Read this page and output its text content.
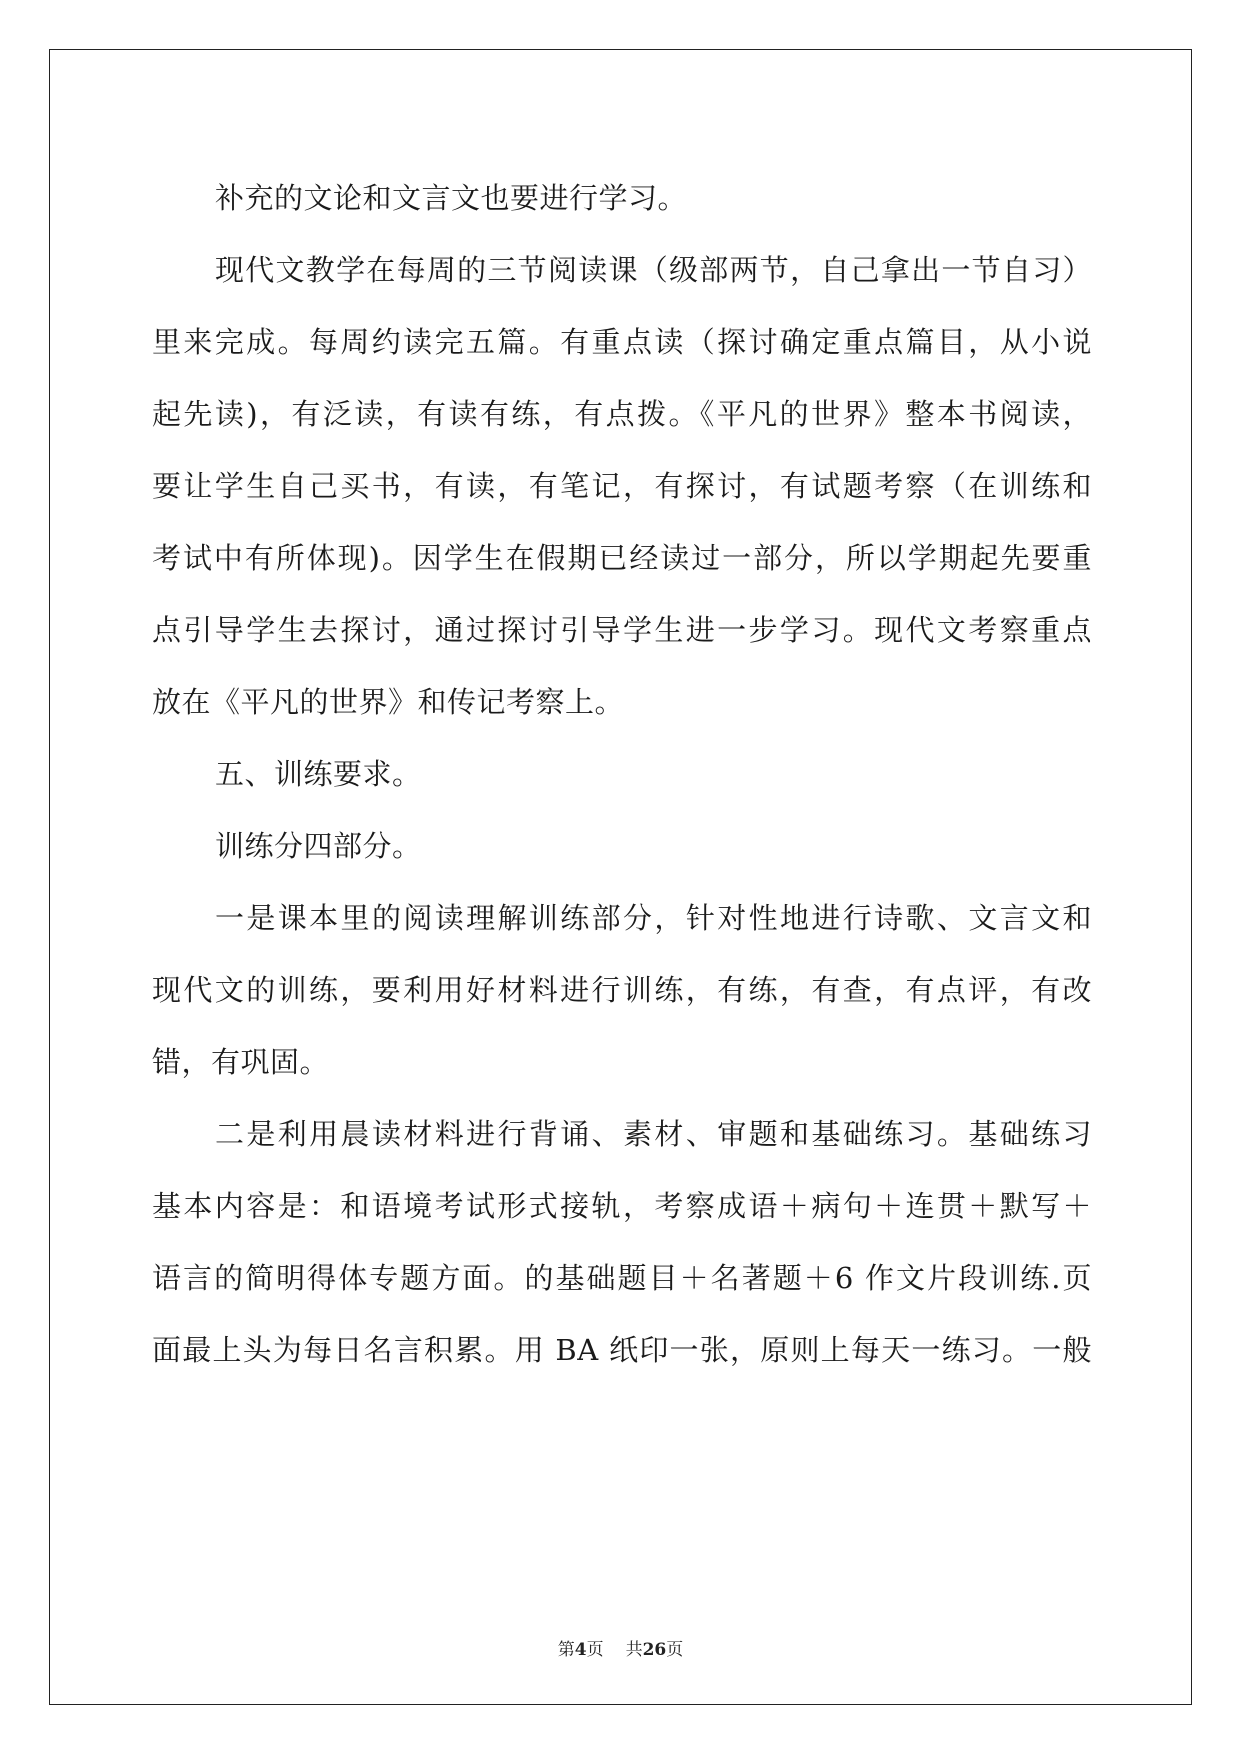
补充的文论和文言文也要进行学习。
现代文教学在每周的三节阅读课（级部两节，自己拿出一节自习）
里来完成。每周约读完五篇。有重点读（探讨确定重点篇目，从小说
起先读)，有泛读，有读有练，有点拨。《平凡的世界》整本书阅读，
要让学生自己买书，有读，有笔记，有探讨，有试题考察（在训练和
考试中有所体现)。因学生在假期已经读过一部分，所以学期起先要重
点引导学生去探讨，通过探讨引导学生进一步学习。现代文考察重点
放在《平凡的世界》和传记考察上。
五、训练要求。
训练分四部分。
一是课本里的阅读理解训练部分，针对性地进行诗歌、文言文和
现代文的训练，要利用好材料进行训练，有练，有查，有点评，有改
错，有巩固。
二是利用晨读材料进行背诵、素材、审题和基础练习。基础练习
基本内容是：和语境考试形式接轨，考察成语＋病句＋连贯＋默写＋
语言的简明得体专题方面。的基础题目＋名著题＋6 作文片段训练.页
面最上头为每日名言积累。用 BA 纸印一张，原则上每天一练习。一般
第4页 共26页
